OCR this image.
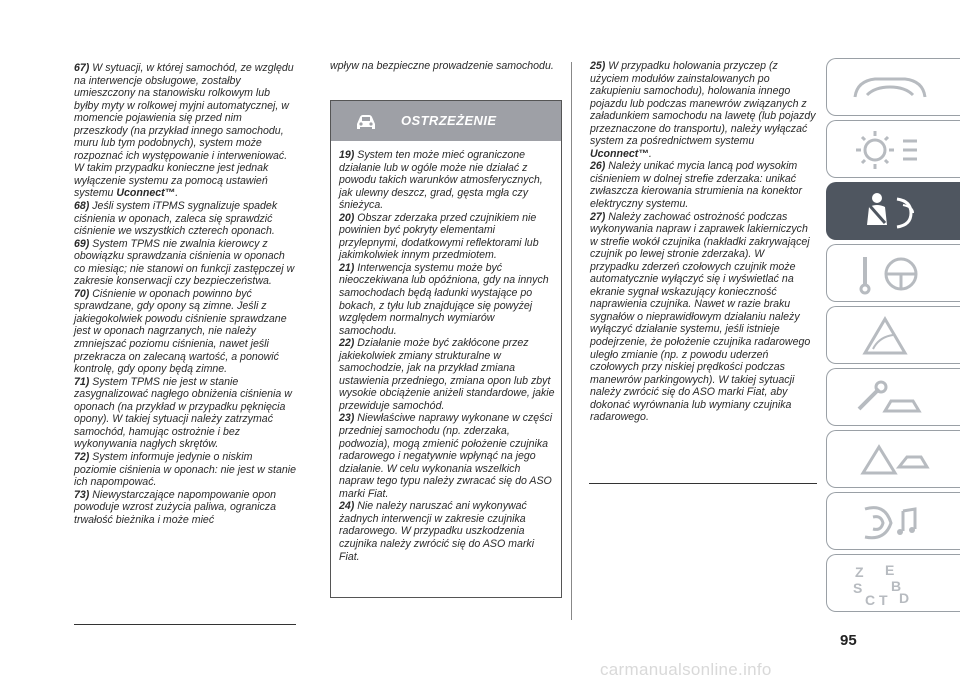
67) W sytuacji, w której samochód, ze względu na interwencje obsługowe, zostałby umieszczony na stanowisku rolkowym lub byłby myty w rolkowej myjni automatycznej, w momencie pojawienia się przed nim przeszkody (na przykład innego samochodu, muru lub tym podobnych), system może rozpoznać ich występowanie i interweniować. W takim przypadku konieczne jest jednak wyłączenie systemu za pomocą ustawień systemu Uconnect™.

68) Jeśli system iTPMS sygnalizuje spadek ciśnienia w oponach, zaleca się sprawdzić ciśnienie we wszystkich czterech oponach.

69) System TPMS nie zwalnia kierowcy z obowiązku sprawdzania ciśnienia w oponach co miesiąc; nie stanowi on funkcji zastępczej w zakresie konserwacji czy bezpieczeństwa.

70) Ciśnienie w oponach powinno być sprawdzane, gdy opony są zimne. Jeśli z jakiegokolwiek powodu ciśnienie sprawdzane jest w oponach nagrzanych, nie należy zmniejszać poziomu ciśnienia, nawet jeśli przekracza on zalecaną wartość, a ponowić kontrolę, gdy opony będą zimne.

71) System TPMS nie jest w stanie zasygnalizować nagłego obniżenia ciśnienia w oponach (na przykład w przypadku pęknięcia opony). W takiej sytuacji należy zatrzymać samochód, hamując ostrożnie i bez wykonywania nagłych skrętów.

72) System informuje jedynie o niskim poziomie ciśnienia w oponach: nie jest w stanie ich napompować.

73) Niewystarczające napompowanie opon powoduje wzrost zużycia paliwa, ogranicza trwałość bieżnika i może mieć

wpływ na bezpieczne prowadzenie samochodu.

OSTRZEŻENIE

19) System ten może mieć ograniczone działanie lub w ogóle może nie działać z powodu takich warunków atmosferycznych, jak ulewny deszcz, grad, gęsta mgła czy śnieżyca.

20) Obszar zderzaka przed czujnikiem nie powinien być pokryty elementami przylepnymi, dodatkowymi reflektorami lub jakimkolwiek innym przedmiotem.

21) Interwencja systemu może być nieoczekiwana lub opóźniona, gdy na innych samochodach będą ładunki wystające po bokach, z tyłu lub znajdujące się powyżej względem normalnych wymiarów samochodu.

22) Działanie może być zakłócone przez jakiekolwiek zmiany strukturalne w samochodzie, jak na przykład zmiana ustawienia przedniego, zmiana opon lub zbyt wysokie obciążenie aniżeli standardowe, jakie przewiduje samochód.

23) Niewłaściwe naprawy wykonane w części przedniej samochodu (np. zderzaka, podwozia), mogą zmienić położenie czujnika radarowego i negatywnie wpłynąć na jego działanie. W celu wykonania wszelkich napraw tego typu należy zwracać się do ASO marki Fiat.

24) Nie należy naruszać ani wykonywać żadnych interwencji w zakresie czujnika radarowego. W przypadku uszkodzenia czujnika należy zwrócić się do ASO marki Fiat.

25) W przypadku holowania przyczep (z użyciem modułów zainstalowanych po zakupieniu samochodu), holowania innego pojazdu lub podczas manewrów związanych z załadunkiem samochodu na lawetę (lub pojazdy przeznaczone do transportu), należy wyłączać system za pośrednictwem systemu Uconnect™.

26) Należy unikać mycia lancą pod wysokim ciśnieniem w dolnej strefie zderzaka: unikać zwłaszcza kierowania strumienia na konektor elektryczny systemu.

27) Należy zachować ostrożność podczas wykonywania napraw i zaprawek lakierniczych w strefie wokół czujnika (nakładki zakrywającej czujnik po lewej stronie zderzaka). W przypadku zderzeń czołowych czujnik może automatycznie wyłączyć się i wyświetlać na ekranie sygnał wskazujący konieczność naprawienia czujnika. Nawet w razie braku sygnałów o nieprawidłowym działaniu należy wyłączyć działanie systemu, jeśli istnieje podejrzenie, że położenie czujnika radarowego uległo zmianie (np. z powodu uderzeń czołowych przy niskiej prędkości podczas manewrów parkingowych). W takiej sytuacji należy zwrócić się do ASO marki Fiat, aby dokonać wyrównania lub wymiany czujnika radarowego.

Z E
S B
C T D
95
carmanualsonline.info
